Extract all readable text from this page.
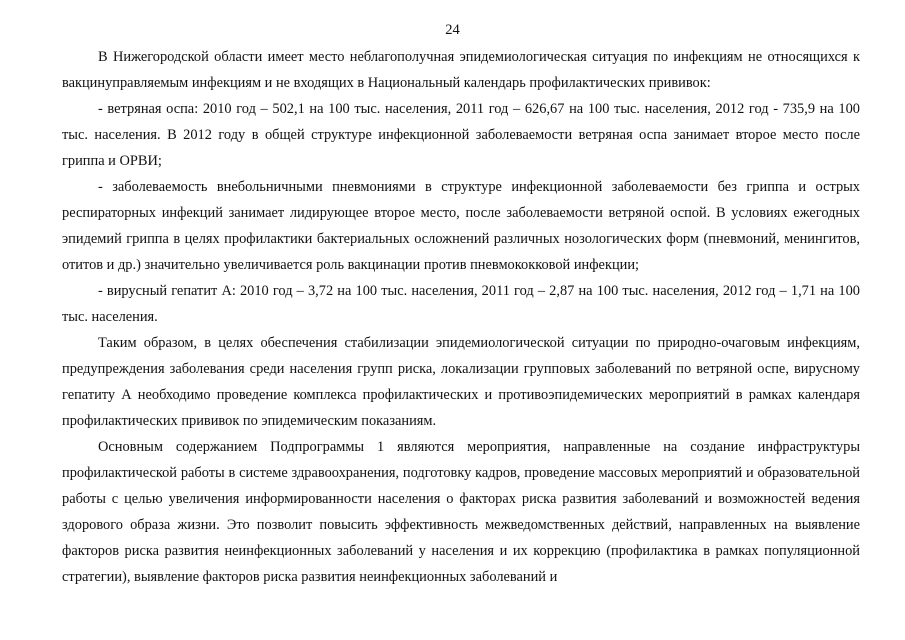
24

В Нижегородской области имеет место неблагополучная эпидемиологическая ситуация по инфекциям не относящихся к вакцинуправляемым инфекциям и не входящих в Национальный календарь профилактических прививок:

- ветряная оспа: 2010 год – 502,1 на 100 тыс. населения, 2011 год – 626,67 на 100 тыс. населения, 2012 год - 735,9 на 100 тыс. населения. В 2012 году в общей структуре инфекционной заболеваемости ветряная оспа занимает второе место после гриппа и ОРВИ;

- заболеваемость внебольничными пневмониями в структуре инфекционной заболеваемости без гриппа и острых респираторных инфекций занимает лидирующее второе место, после заболеваемости ветряной оспой. В условиях ежегодных эпидемий гриппа в целях профилактики бактериальных осложнений различных нозологических форм (пневмоний, менингитов, отитов и др.) значительно увеличивается роль вакцинации против пневмококковой инфекции;

- вирусный гепатит А: 2010 год – 3,72 на 100 тыс. населения, 2011 год – 2,87 на 100 тыс. населения, 2012 год – 1,71 на 100 тыс. населения.

Таким образом, в целях обеспечения стабилизации эпидемиологической ситуации по природно-очаговым инфекциям, предупреждения заболевания среди населения групп риска, локализации групповых заболеваний по ветряной оспе, вирусному гепатиту А необходимо проведение комплекса профилактических и противоэпидемических мероприятий в рамках календаря профилактических прививок по эпидемическим показаниям.

Основным содержанием Подпрограммы 1 являются мероприятия, направленные на создание инфраструктуры профилактической работы в системе здравоохранения, подготовку кадров, проведение массовых мероприятий и образовательной работы с целью увеличения информированности населения о факторах риска развития заболеваний и возможностей ведения здорового образа жизни. Это позволит повысить эффективность межведомственных действий, направленных на выявление факторов риска развития неинфекционных заболеваний у населения и их коррекцию (профилактика в рамках популяционной стратегии), выявление факторов риска развития неинфекционных заболеваний и
